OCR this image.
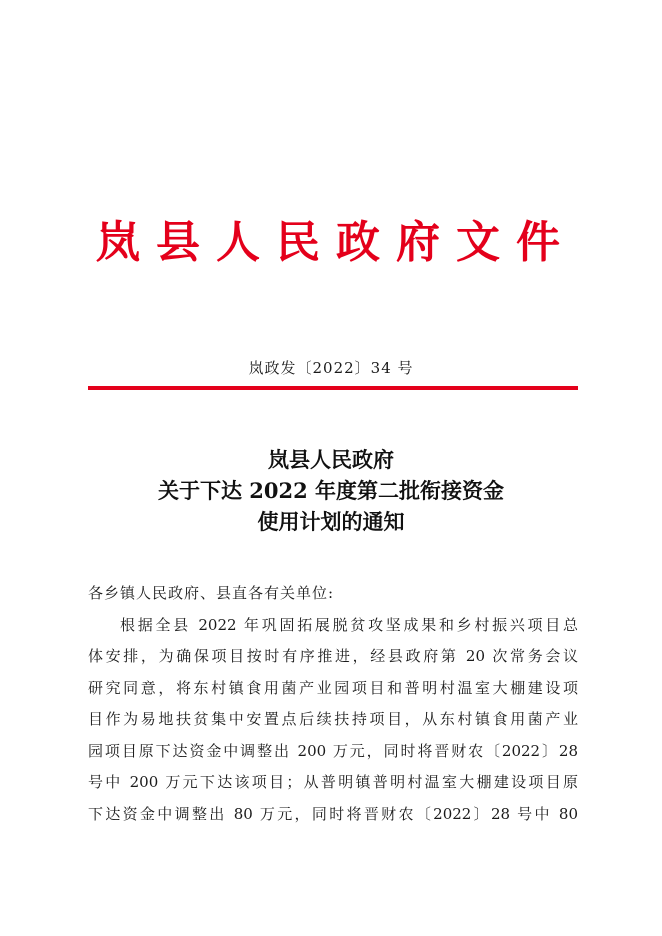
岚县人民政府文件
岚政发〔2022〕34 号
岚县人民政府
关于下达 2022 年度第二批衔接资金
使用计划的通知
各乡镇人民政府、县直各有关单位:
根据全县 2022 年巩固拓展脱贫攻坚成果和乡村振兴项目总
体安排，为确保项目按时有序推进，经县政府第 20 次常务会议
研究同意，将东村镇食用菌产业园项目和普明村温室大棚建设项
目作为易地扶贫集中安置点后续扶持项目，从东村镇食用菌产业
园项目原下达资金中调整出 200 万元，同时将晋财农〔2022〕28
号中 200 万元下达该项目；从普明镇普明村温室大棚建设项目原
下达资金中调整出 80 万元，同时将晋财农〔2022〕28 号中 80
